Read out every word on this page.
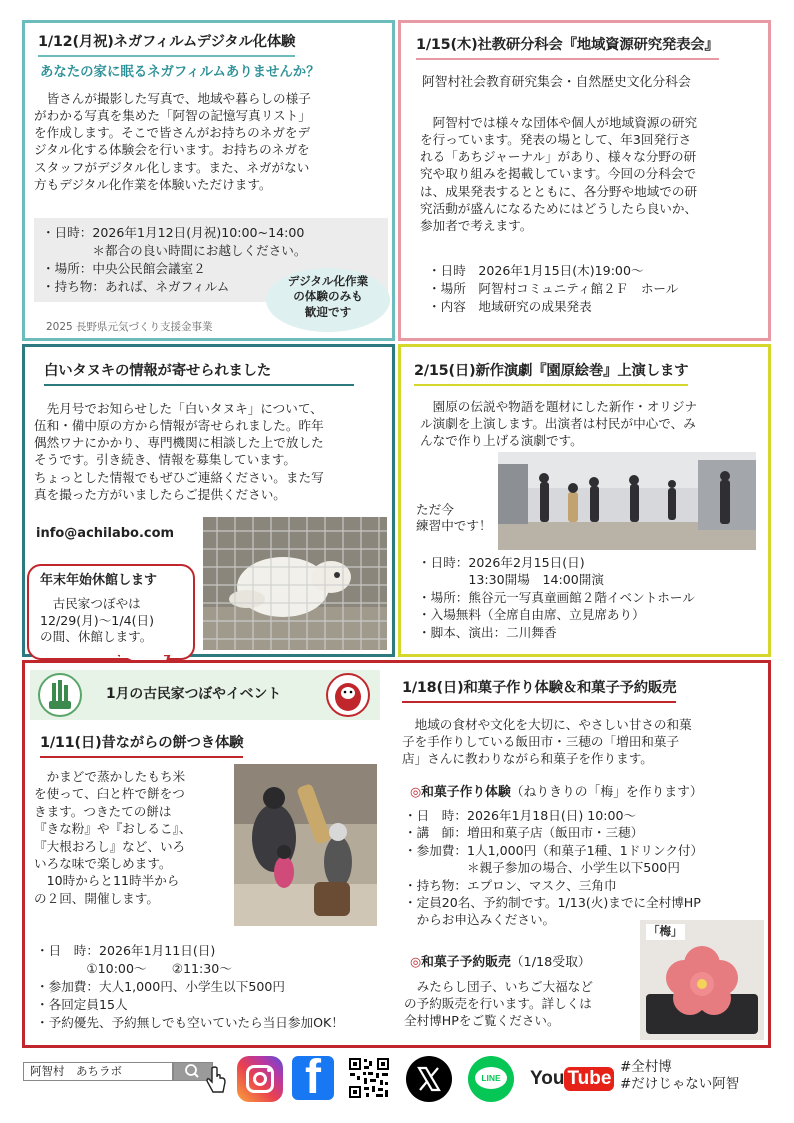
1/12(月祝)ネガフィルムデジタル化体験
あなたの家に眠るネガフィルムありませんか？
　皆さんが撮影した写真で、地域や暮らしの様子
がわかる写真を集めた「阿智の記憶写真リスト」
を作成します。そこで皆さんがお持ちのネガをデ
ジタル化する体験会を行います。お持ちのネガを
スタッフがデジタル化します。また、ネガがない
方もデジタル化作業を体験いただけます。
・日時：2026年1月12日(月祝)10:00~14:00
　　　　＊都合の良い時間にお越しください。
・場所：中央公民館会議室２
・持ち物：あれば、ネガフィルム	デジタル化作業
の体験のみも
歓迎です
2025 長野県元気づくり支援金事業
1/15(木)社教研分科会『地域資源研究発表会』
阿智村社会教育研究集会・自然歴史文化分科会
　阿智村では様々な団体や個人が地域資源の研究
を行っています。発表の場として、年3回発行さ
れる「あちジャーナル」があり、様々な分野の研
究や取り組みを掲載しています。今回の分科会で
は、成果発表するとともに、各分野や地域での研
究活動が盛んになるためにはどうしたら良いか、
参加者で考えます。
・日時　2026年1月15日(木)19:00～
・場所　阿智村コミュニティ館２Ｆ　ホール
・内容　地域研究の成果発表
白いタヌキの情報が寄せられました
　先月号でお知らせした「白いタヌキ」について、
伍和・備中原の方から情報が寄せられました。昨年
偶然ワナにかかり、専門機関に相談した上で放した
そうです。引き続き、情報を募集しています。
ちょっとした情報でもぜひご連絡ください。また写
真を撮った方がいましたらご提供ください。
info@achilabo.com
年末年始休館します
　古民家つぼやは
12/29(月)～1/4(日)
の間、休館します。
2/15(日)新作演劇『園原絵巻』上演します
　園原の伝説や物語を題材にした新作・オリジナ
ル演劇を上演します。出演者は村民が中心で、み
んなで作り上げる演劇です。
ただ今
練習中です！
・日時：2026年2月15日(日)
　　　　13:30開場　14:00開演
・場所：熊谷元一写真童画館２階イベントホール
・入場無料（全席自由席、立見席あり）
・脚本、演出：二川舞香
1月の古民家つぼやイベント
1/11(日)昔ながらの餅つき体験
　かまどで蒸かしたもち米
を使って、臼と杵で餅をつ
きます。つきたての餅は
『きな粉』や『おしるこ』、
『大根おろし』など、いろ
いろな味で楽しめます。
　10時からと11時半から
の２回、開催します。
・日　時：2026年1月11日(日)
　　　　①10:00～　　②11:30～
・参加費：大人1,000円、小学生以下500円
・各回定員15人
・予約優先、予約無しでも空いていたら当日参加OK！
1/18(日)和菓子作り体験＆和菓子予約販売
　地域の食材や文化を大切に、やさしい甘さの和菓
子を手作りしている飯田市・三穂の「増田和菓子
店」さんに教わりながら和菓子を作ります。
◎和菓子作り体験（ねりきりの「梅」を作ります）
・日　時：2026年1月18日(日) 10:00～
・講　師：増田和菓子店（飯田市・三穂）
・参加費：1人1,000円（和菓子1種、1ドリンク付）
　　　　　＊親子参加の場合、小学生以下500円
・持ち物：エプロン、マスク、三角巾
・定員20名、予約制です。1/13(火)までに全村博HP
　からお申込みください。
◎和菓子予約販売（1/18受取）
　みたらし団子、いちご大福など
の予約販売を行います。詳しくは
全村博HPをご覧ください。
「梅」
阿智村　あちラボ	f	LINE	You Tube
#全村博
#だけじゃない阿智
